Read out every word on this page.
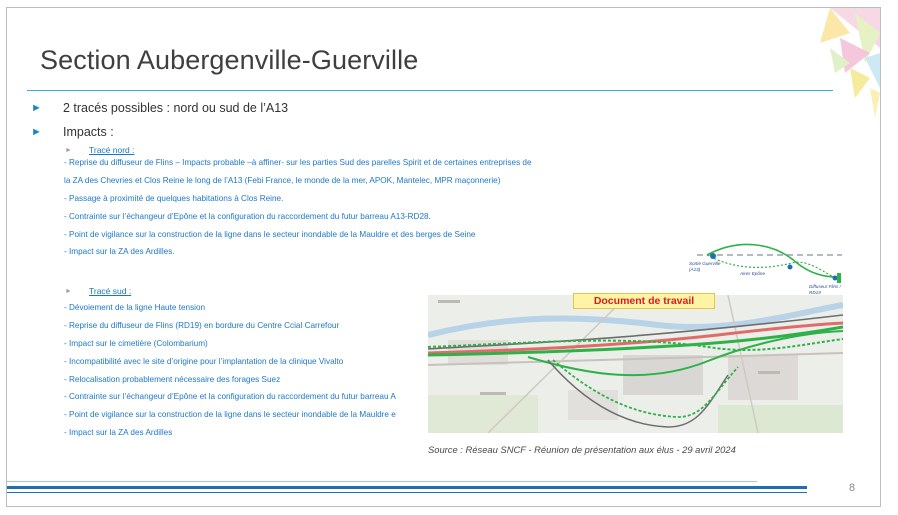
Section Aubergenville-Guerville
►	2 tracés possibles : nord ou sud de l’A13
►	Impacts :
►	Tracé nord :
- Reprise du diffuseur de Flins – Impacts probable –à affiner- sur les parties Sud des parelles Spirit et de certaines entreprises de
la ZA des Chevries et Clos Reine le long de l’A13 (Febi France, le monde de la mer, APOK, Mantelec, MPR maçonnerie)
- Passage à proximité de quelques habitations à Clos Reine.
- Contrainte sur l’échangeur d’Epône et la configuration du raccordement du futur barreau A13-RD28.
- Point de vigilance sur la construction de la ligne dans le secteur inondable de la Mauldre et des berges de Seine
- Impact sur la ZA des Ardilles.
►	Tracé sud :
- Dévoiement de la ligne Haute tension
- Reprise du diffuseur de Flins (RD19) en bordure du Centre Ccial Carrefour
- Impact sur le cimetière (Colombarium)
- Incompatibilité avec le site d’origine pour l’implantation de la clinique Vivalto
- Relocalisation probablement nécessaire des forages Suez
- Contrainte sur l’échangeur d’Epône et la configuration du raccordement du futur barreau A
- Point de vigilance sur la construction de la ligne dans le secteur inondable de la Mauldre e
- Impact sur la ZA des Ardilles
Sortie Guerville (A13)
Aires Epône
Diffuseur Flins / RD19
Document de travail
Source : Réseau SNCF - Réunion de présentation aux élus - 29 avril 2024
8
